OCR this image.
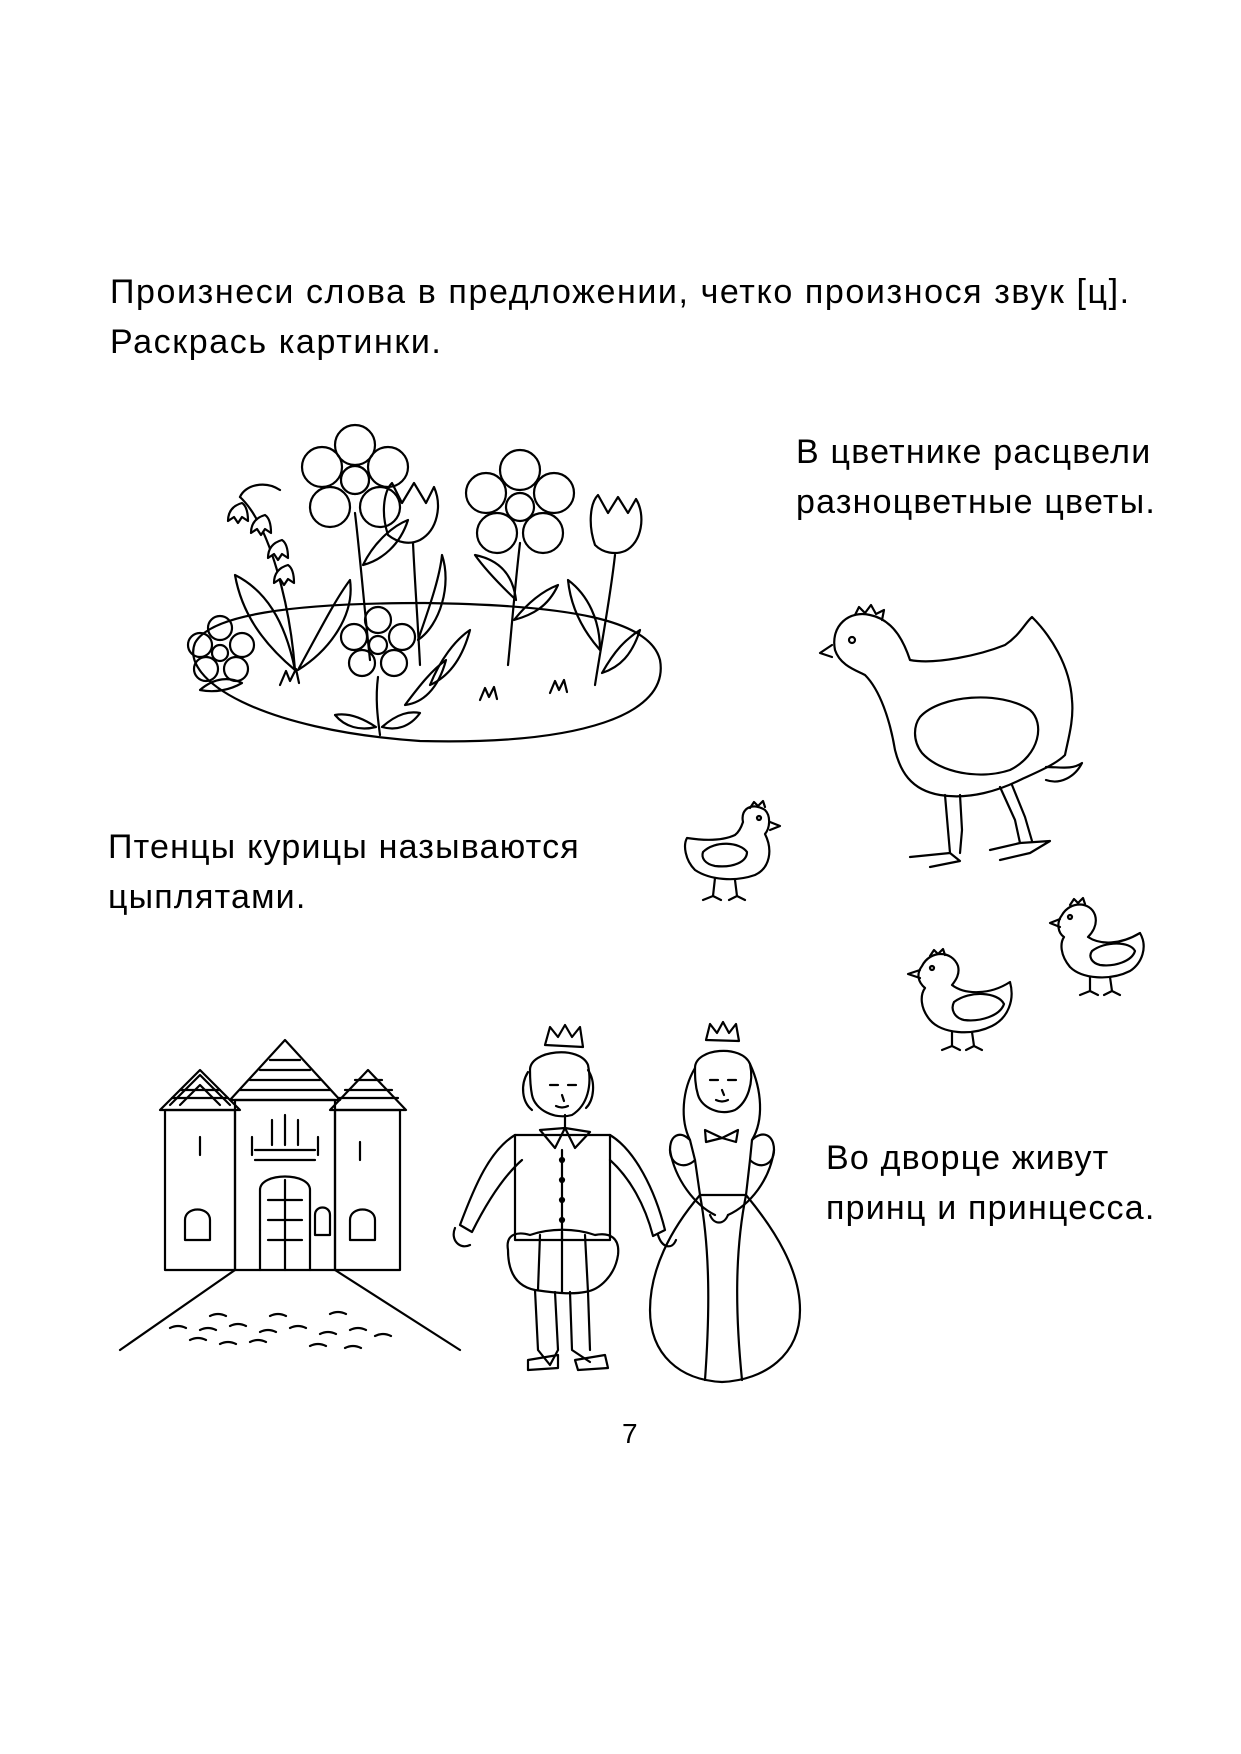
Произнеси слова в предложении, четко произнося звук [ц].
Раскрась картинки.
В цветнике расцвели
разноцветные цветы.
Птенцы курицы называются
цыплятами.
Во дворце живут
принц и принцесса.
7
